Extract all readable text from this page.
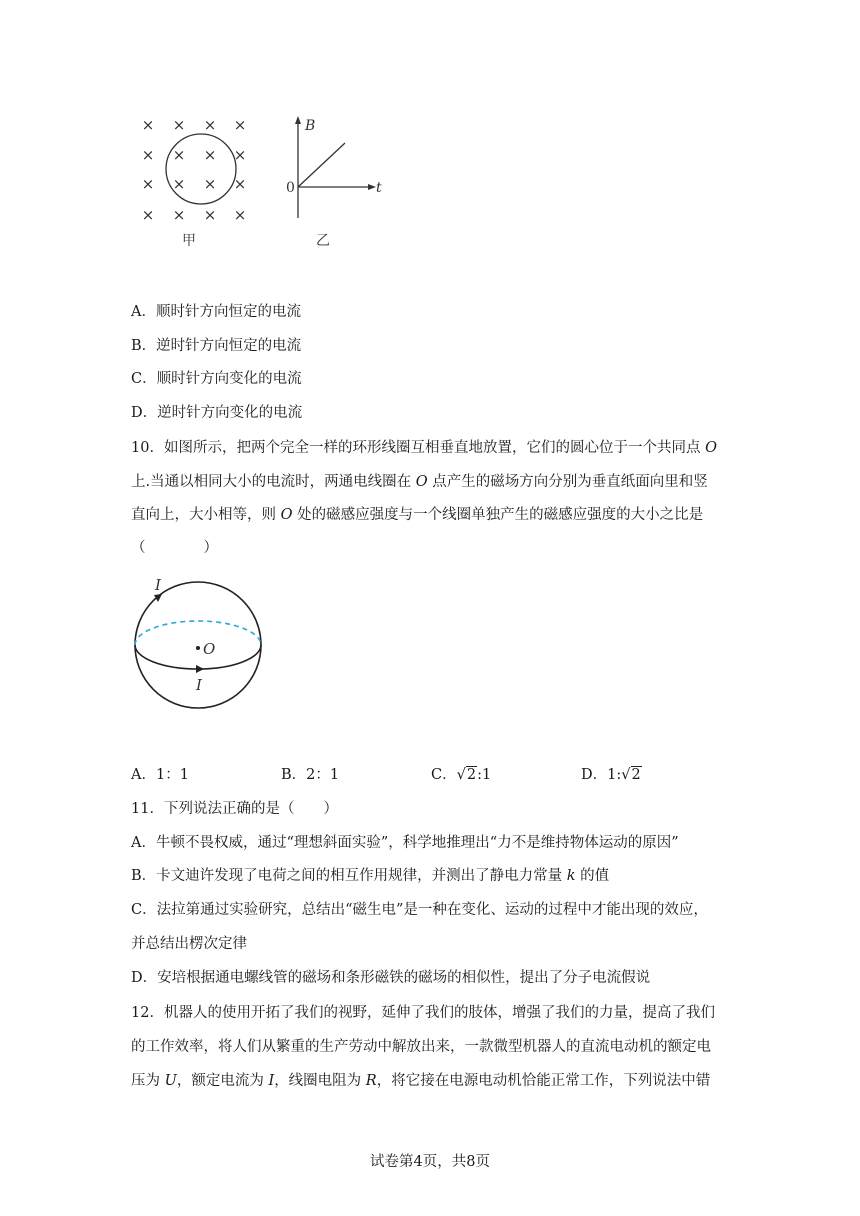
× × × ×
× × × ×
× × × ×
× × × ×
甲
B
t
0
乙
A．顺时针方向恒定的电流
B．逆时针方向恒定的电流
C．顺时针方向变化的电流
D．逆时针方向变化的电流
10．如图所示，把两个完全一样的环形线圈互相垂直地放置，它们的圆心位于一个共同点 O
上.当通以相同大小的电流时，两通电线圈在 O 点产生的磁场方向分别为垂直纸面向里和竖
直向上，大小相等，则 O 处的磁感应强度与一个线圈单独产生的磁感应强度的大小之比是
（　　　　）
I
O
I
A．1：1	B．2：1	C．√2:1	D．1:√2
11．下列说法正确的是（　　）
A．牛顿不畏权威，通过“理想斜面实验”，科学地推理出“力不是维持物体运动的原因”
B．卡文迪许发现了电荷之间的相互作用规律，并测出了静电力常量 k 的值
C．法拉第通过实验研究，总结出“磁生电”是一种在变化、运动的过程中才能出现的效应，
并总结出楞次定律
D．安培根据通电螺线管的磁场和条形磁铁的磁场的相似性，提出了分子电流假说
12．机器人的使用开拓了我们的视野，延伸了我们的肢体，增强了我们的力量，提高了我们
的工作效率，将人们从繁重的生产劳动中解放出来，一款微型机器人的直流电动机的额定电
压为 U，额定电流为 I，线圈电阻为 R，将它接在电源电动机恰能正常工作，下列说法中错
试卷第4页，共8页
